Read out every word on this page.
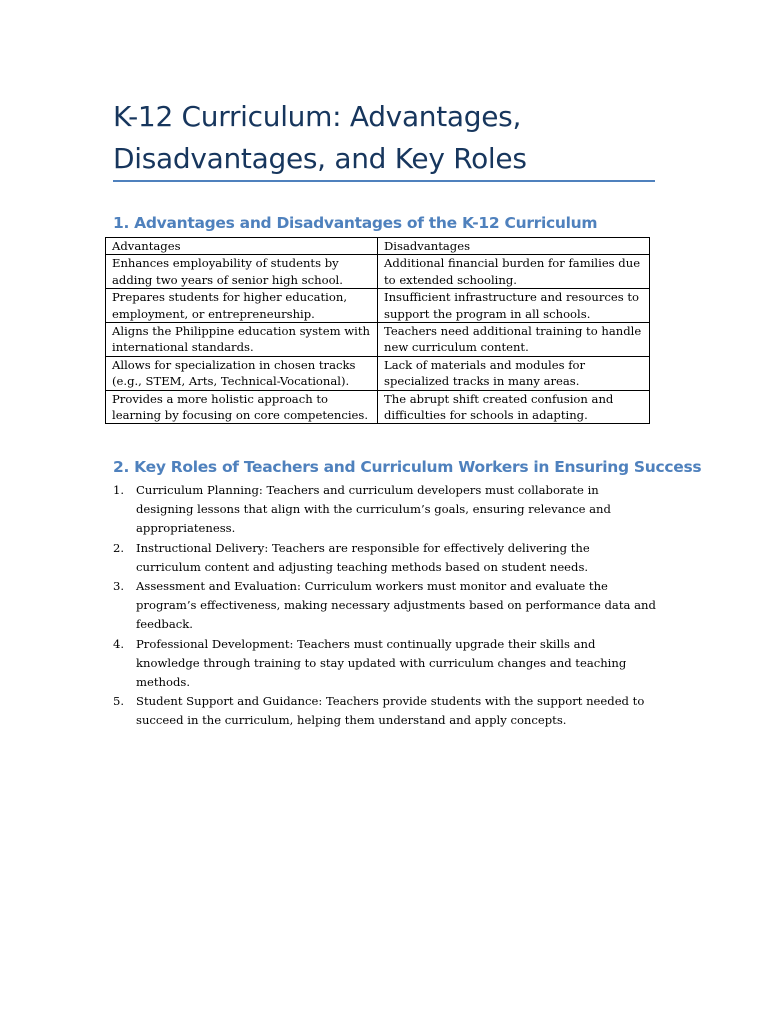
K-12 Curriculum: Advantages, Disadvantages, and Key Roles
1. Advantages and Disadvantages of the K-12 Curriculum
Advantages	Disadvantages
Enhances employability of students by adding two years of senior high school.	Additional financial burden for families due to extended schooling.
Prepares students for higher education, employment, or entrepreneurship.	Insufficient infrastructure and resources to support the program in all schools.
Aligns the Philippine education system with international standards.	Teachers need additional training to handle new curriculum content.
Allows for specialization in chosen tracks (e.g., STEM, Arts, Technical-Vocational).	Lack of materials and modules for specialized tracks in many areas.
Provides a more holistic approach to learning by focusing on core competencies.	The abrupt shift created confusion and difficulties for schools in adapting.
2. Key Roles of Teachers and Curriculum Workers in Ensuring Success
1. Curriculum Planning: Teachers and curriculum developers must collaborate in designing lessons that align with the curriculum’s goals, ensuring relevance and appropriateness.
2. Instructional Delivery: Teachers are responsible for effectively delivering the curriculum content and adjusting teaching methods based on student needs.
3. Assessment and Evaluation: Curriculum workers must monitor and evaluate the program’s effectiveness, making necessary adjustments based on performance data and feedback.
4. Professional Development: Teachers must continually upgrade their skills and knowledge through training to stay updated with curriculum changes and teaching methods.
5. Student Support and Guidance: Teachers provide students with the support needed to succeed in the curriculum, helping them understand and apply concepts.
